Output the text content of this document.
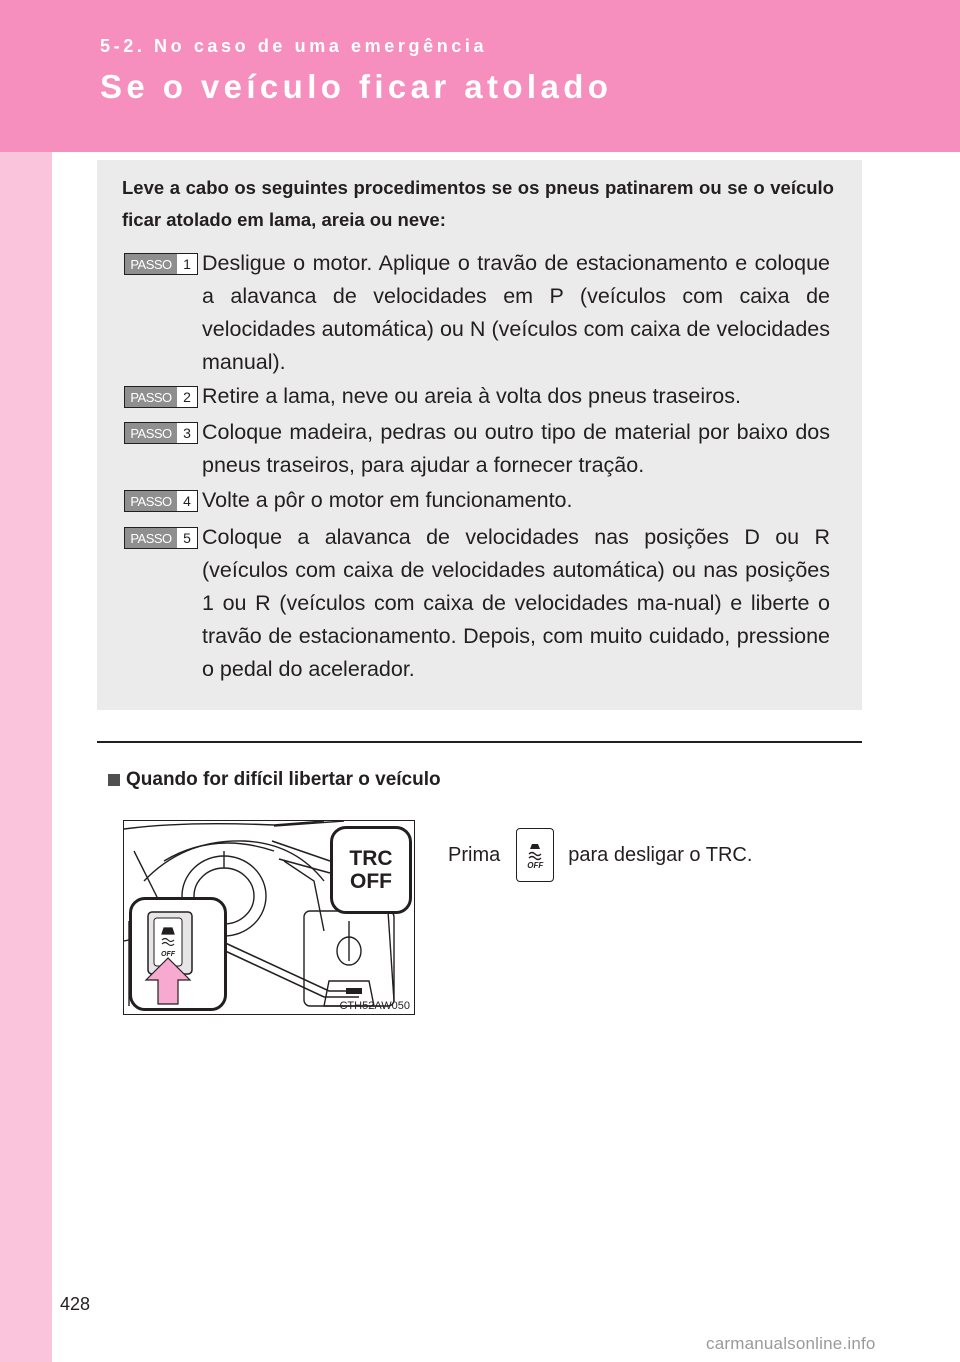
5-2. No caso de uma emergência
Se o veículo ficar atolado
Leve a cabo os seguintes procedimentos se os pneus patinarem ou se o veículo ficar atolado em lama, areia ou neve:
PASSO 1 Desligue o motor. Aplique o travão de estacionamento e coloque a alavanca de velocidades em P (veículos com caixa de velocidades automática) ou N (veículos com caixa de velocidades manual).
PASSO 2 Retire a lama, neve ou areia à volta dos pneus traseiros.
PASSO 3 Coloque madeira, pedras ou outro tipo de material por baixo dos pneus traseiros, para ajudar a fornecer tração.
PASSO 4 Volte a pôr o motor em funcionamento.
PASSO 5 Coloque a alavanca de velocidades nas posições D ou R (veículos com caixa de velocidades automática) ou nas posições 1 ou R (veículos com caixa de velocidades ma-nual) e liberte o travão de estacionamento. Depois, com muito cuidado, pressione o pedal do acelerador.
Quando for difícil libertar o veículo
TRC
OFF
OFF
CTH52AW050
Prima	OFF para desligar o TRC.
428
carmanualsonline.info
